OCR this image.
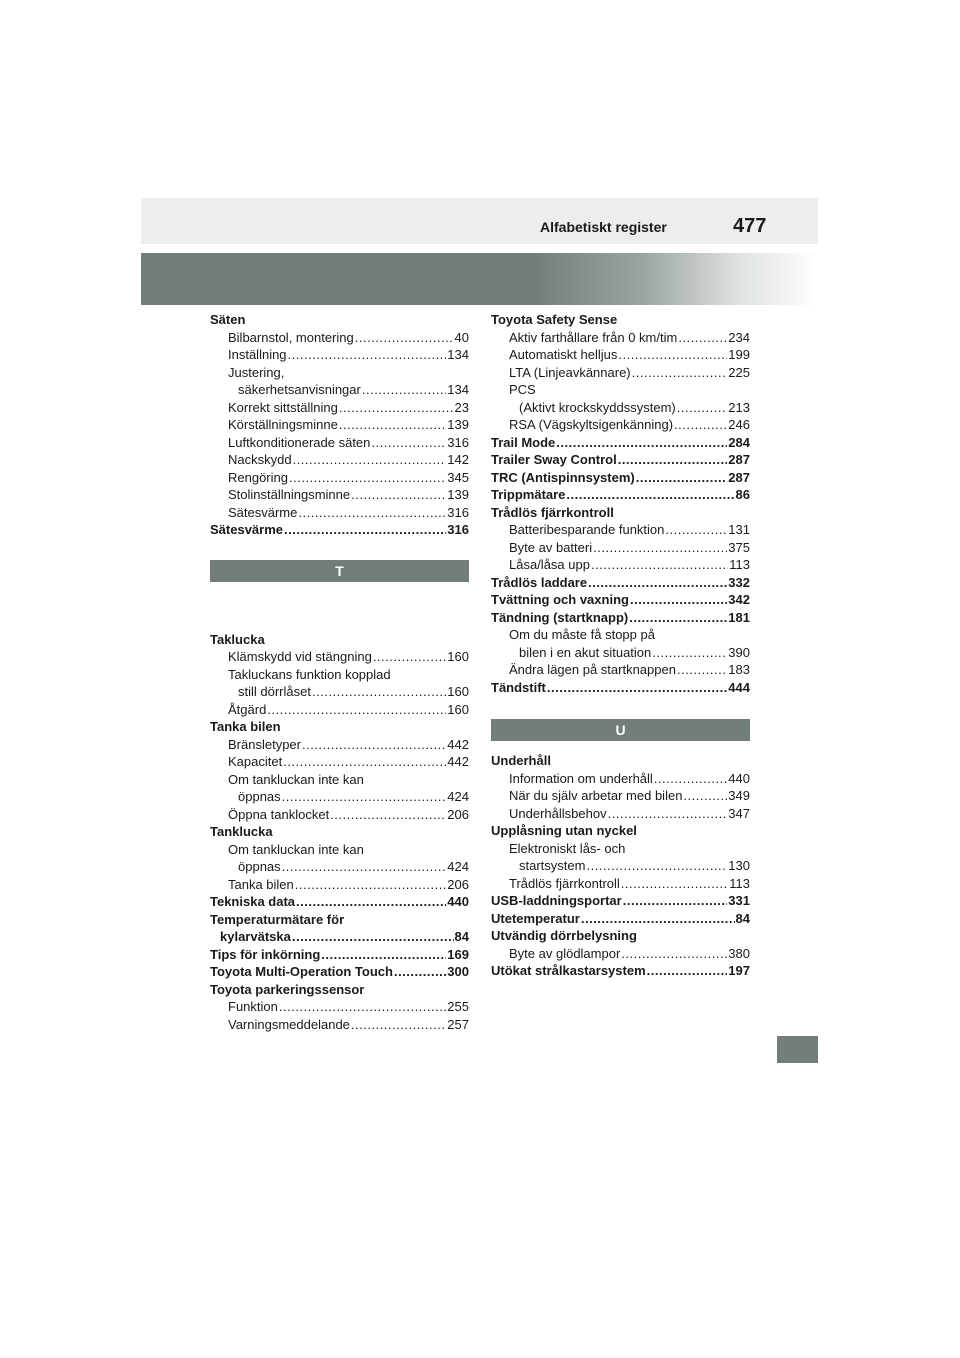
Alfabetiskt register	477
Säten
Bilbarnstol, montering .....	40
Inställning .....	134
Justering,
säkerhetsanvisningar .....	134
Korrekt sittställning .....	23
Körställningsminne .....	139
Luftkonditionerade säten .....	316
Nackskydd .....	142
Rengöring .....	345
Stolinställningsminne .....	139
Sätesvärme .....	316
Sätesvärme .....	316
Taklucka
Klämskydd vid stängning .....	160
Takluckans funktion kopplad
still dörrlåset .....	160
Åtgärd .....	160
Tanka bilen
Bränsletyper .....	442
Kapacitet .....	442
Om tankluckan inte kan
öppnas .....	424
Öppna tanklocket .....	206
Tanklucka
Om tankluckan inte kan
öppnas .....	424
Tanka bilen .....	206
Tekniska data .....	440
Temperaturmätare för
kylarvätska .....	84
Tips för inkörning .....	169
Toyota Multi-Operation Touch .....	300
Toyota parkeringssensor
Funktion .....	255
Varningsmeddelande .....	257
T
Toyota Safety Sense
Aktiv farthållare från 0 km/tim .....	234
Automatiskt helljus .....	199
LTA (Linjeavkännare) .....	225
PCS
(Aktivt krockskyddssystem) .....	213
RSA (Vägskyltsigenkänning) .....	246
Trail Mode .....	284
Trailer Sway Control .....	287
TRC (Antispinnsystem) .....	287
Trippmätare .....	86
Trådlös fjärrkontroll
Batteribesparande funktion .....	131
Byte av batteri .....	375
Låsa/låsa upp .....	113
Trådlös laddare .....	332
Tvättning och vaxning .....	342
Tändning (startknapp) .....	181
Om du måste få stopp på
bilen i en akut situation .....	390
Ändra lägen på startknappen .....	183
Tändstift .....	444
Underhåll
Information om underhåll .....	440
När du själv arbetar med bilen .....	349
Underhållsbehov .....	347
Upplåsning utan nyckel
Elektroniskt lås- och
startsystem .....	130
Trådlös fjärrkontroll .....	113
USB-laddningsportar .....	331
Utetemperatur .....	84
Utvändig dörrbelysning
Byte av glödlampor .....	380
Utökat strålkastarsystem .....	197
U
